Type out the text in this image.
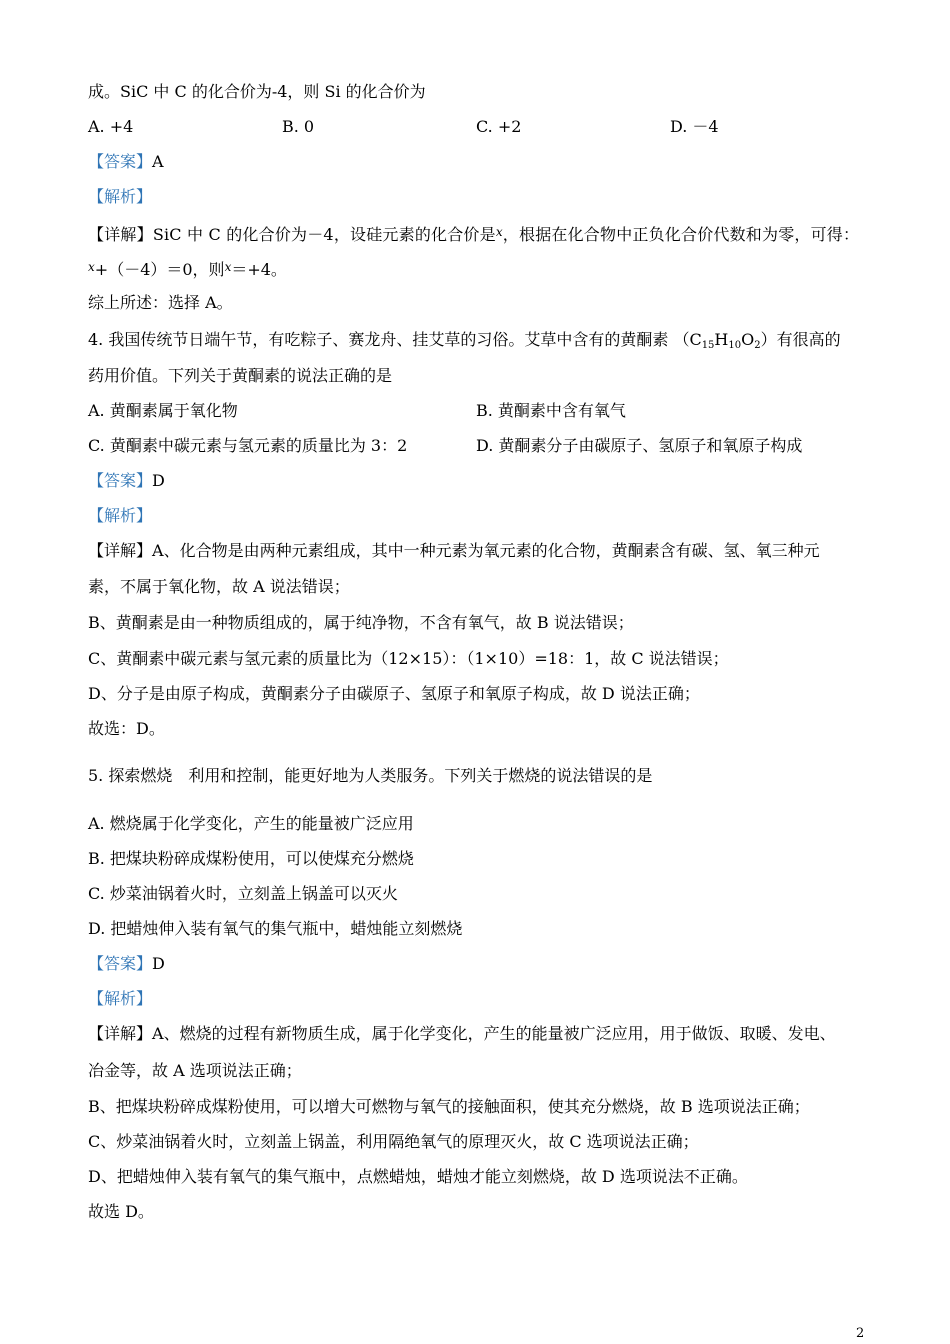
成。SiC 中 C 的化合价为-4，则 Si 的化合价为
A. +4	B. 0	C. +2	D. －4
【答案】A
【解析】
【详解】SiC 中 C 的化合价为－4，设硅元素的化合价是$^x$，根据在化合物中正负化合价代数和为零，可得：
$^x$+（－4）＝0，则$^x$＝+4。
综上所述：选择 A。
4. 我国传统节日端午节，有吃粽子、赛龙舟、挂艾草的习俗。艾草中含有的黄酮素 $(C_{15}H_{10}O_2)$有很高的
药用价值。下列关于黄酮素的说法正确的是
A. 黄酮素属于氧化物	B. 黄酮素中含有氧气
C. 黄酮素中碳元素与氢元素的质量比为 3：2	D. 黄酮素分子由碳原子、氢原子和氧原子构成
【答案】D
【解析】
【详解】A、化合物是由两种元素组成，其中一种元素为氧元素的化合物，黄酮素含有碳、氢、氧三种元
素，不属于氧化物，故 A 说法错误；
B、黄酮素是由一种物质组成的，属于纯净物，不含有氧气，故 B 说法错误；
C、黄酮素中碳元素与氢元素的质量比为（12×15）：（1×10）=18：1，故 C 说法错误；
D、分子是由原子构成，黄酮素分子由碳原子、氢原子和氧原子构成，故 D 说法正确；
故选：D。
5. 探索燃烧　利用和控制，能更好地为人类服务。下列关于燃烧的说法错误的是
A. 燃烧属于化学变化，产生的能量被广泛应用
B. 把煤块粉碎成煤粉使用，可以使煤充分燃烧
C. 炒菜油锅着火时，立刻盖上锅盖可以灭火
D. 把蜡烛伸入装有氧气的集气瓶中，蜡烛能立刻燃烧
【答案】D
【解析】
【详解】A、燃烧的过程有新物质生成，属于化学变化，产生的能量被广泛应用，用于做饭、取暖、发电、
冶金等，故 A 选项说法正确；
B、把煤块粉碎成煤粉使用，可以增大可燃物与氧气的接触面积，使其充分燃烧，故 B 选项说法正确；
C、炒菜油锅着火时，立刻盖上锅盖，利用隔绝氧气的原理灭火，故 C 选项说法正确；
D、把蜡烛伸入装有氧气的集气瓶中，点燃蜡烛，蜡烛才能立刻燃烧，故 D 选项说法不正确。
故选 D。
2
